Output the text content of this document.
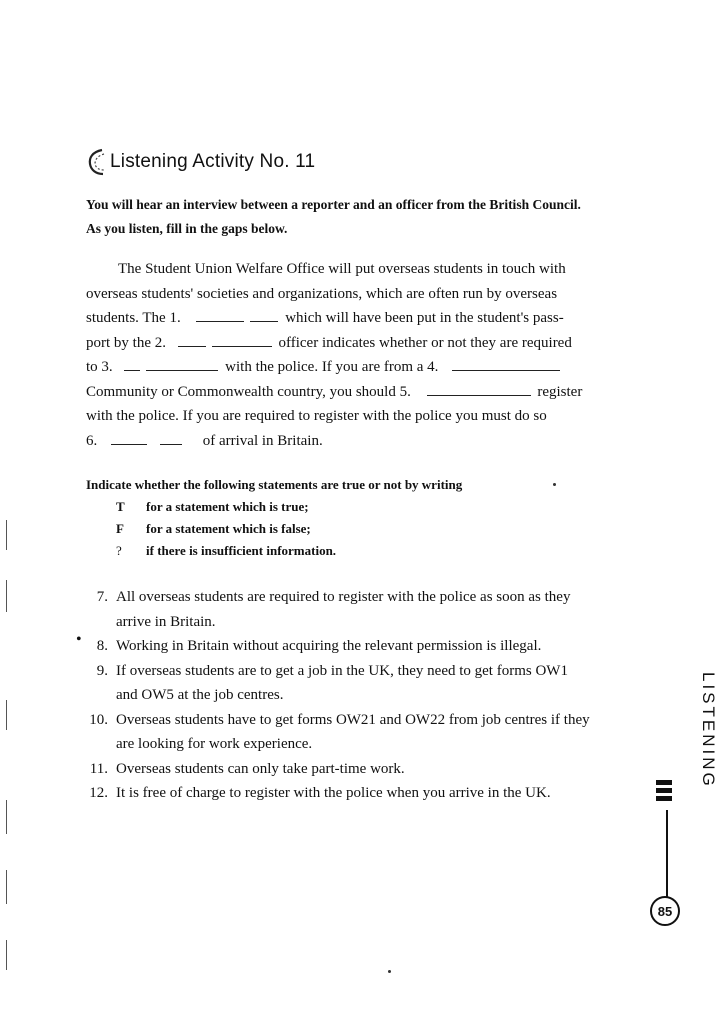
Listening Activity No. 11
You will hear an interview between a reporter and an officer from the British Council.
As you listen, fill in the gaps below.

The Student Union Welfare Office will put overseas students in touch with

overseas students' societies and organizations, which are often run by overseas

students. The 1.	which will have been put in the student's pass-

port by the 2.	officer indicates whether or not they are required

to 3.	with the police. If you are from a 4.

Community or Commonwealth country, you should 5.	register

with the police. If you are required to register with the police you must do so

6.	of arrival in Britain.

Indicate whether the following statements are true or not by writing
T	for a statement which is true;
F	for a statement which is false;
?	if there is insufficient information.
7. All overseas students are required to register with the police as soon as they
arrive in Britain.
8. Working in Britain without acquiring the relevant permission is illegal.
9. If overseas students are to get a job in the UK, they need to get forms OW1
and OW5 at the job centres.
10. Overseas students have to get forms OW21 and OW22 from job centres if they
are looking for work experience.
11. Overseas students can only take part-time work.
12. It is free of charge to register with the police when you arrive in the UK.
•
LISTENING
85
